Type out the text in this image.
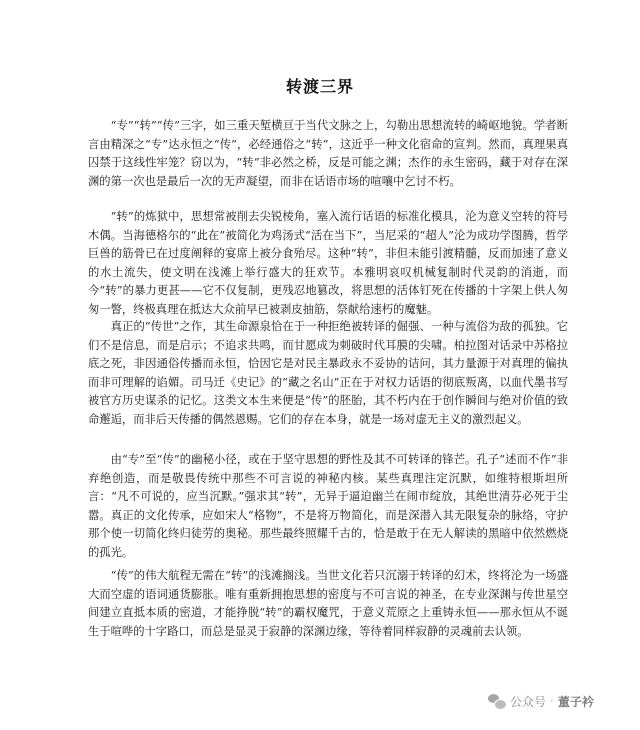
转渡三界

“专”“转”“传”三字，如三重天堑横亘于当代文脉之上，勾勒出思想流转的崎岖地貌。学者断言由精深之“专”达永恒之“传”，必经通俗之“转”，这近乎一种文化宿命的宣判。然而，真理果真囚禁于这线性牢笼？窃以为，“转”非必然之桥，反是可能之渊；杰作的永生密码，藏于对存在深渊的第一次也是最后一次的无声凝望，而非在话语市场的喧嚷中乞讨不朽。

“转”的炼狱中，思想常被削去尖锐棱角，塞入流行话语的标准化模具，沦为意义空转的符号木偶。当海德格尔的“此在”被简化为鸡汤式“活在当下”，当尼采的“超人”沦为成功学图腾，哲学巨兽的筋骨已在过度阐释的宴席上被分食殆尽。这种“转”，非但未能引渡精髓，反而加速了意义的水土流失，使文明在浅滩上举行盛大的狂欢节。本雅明哀叹机械复制时代灵韵的消逝，而今“转”的暴力更甚——它不仅复制，更残忍地篡改，将思想的活体钉死在传播的十字架上供人匆匆一瞥，终极真理在抵达大众前早已被剥皮抽筋，祭献给速朽的魔魅。

真正的“传世”之作，其生命源泉恰在于一种拒绝被转译的倔强、一种与流俗为敌的孤独。它们不是信息，而是启示；不追求共鸣，而甘愿成为刺破时代耳膜的尖啸。柏拉图对话录中苏格拉底之死，非因通俗传播而永恒，恰因它是对民主暴政永不妥协的诘问，其力量源于对真理的偏执而非可理解的谄媚。司马迁《史记》的“藏之名山”正在于对权力话语的彻底叛离，以血代墨书写被官方历史谋杀的记忆。这类文本生来便是“传”的胚胎，其不朽内在于创作瞬间与绝对价值的致命邂逅，而非后天传播的偶然恩赐。它们的存在本身，就是一场对虚无主义的激烈起义。

由“专”至“传”的幽秘小径，或在于坚守思想的野性及其不可转译的锋芒。孔子“述而不作”非弃绝创造，而是敬畏传统中那些不可言说的神秘内核。某些真理注定沉默，如维特根斯坦所言：“凡不可说的，应当沉默。”强求其“转”，无异于逼迫幽兰在闹市绽放，其绝世清芬必死于尘嚣。真正的文化传承，应如宋人“格物”，不是将万物简化，而是深潜入其无限复杂的脉络，守护那个使一切简化终归徒劳的奥秘。那些最终照耀千古的，恰是敢于在无人解读的黑暗中依然燃烧的孤光。

“传”的伟大航程无需在“转”的浅滩搁浅。当世文化若只沉溺于转译的幻术，终将沦为一场盛大而空虚的语词通货膨胀。唯有重新拥抱思想的密度与不可言说的神圣，在专业深渊与传世星空间建立直抵本质的密道，才能挣脱“转”的霸权魔咒，于意义荒原之上重铸永恒——那永恒从不诞生于喧哗的十字路口，而总是显灵于寂静的深渊边缘，等待着同样寂静的灵魂前去认领。

公众号 · 董子衿
